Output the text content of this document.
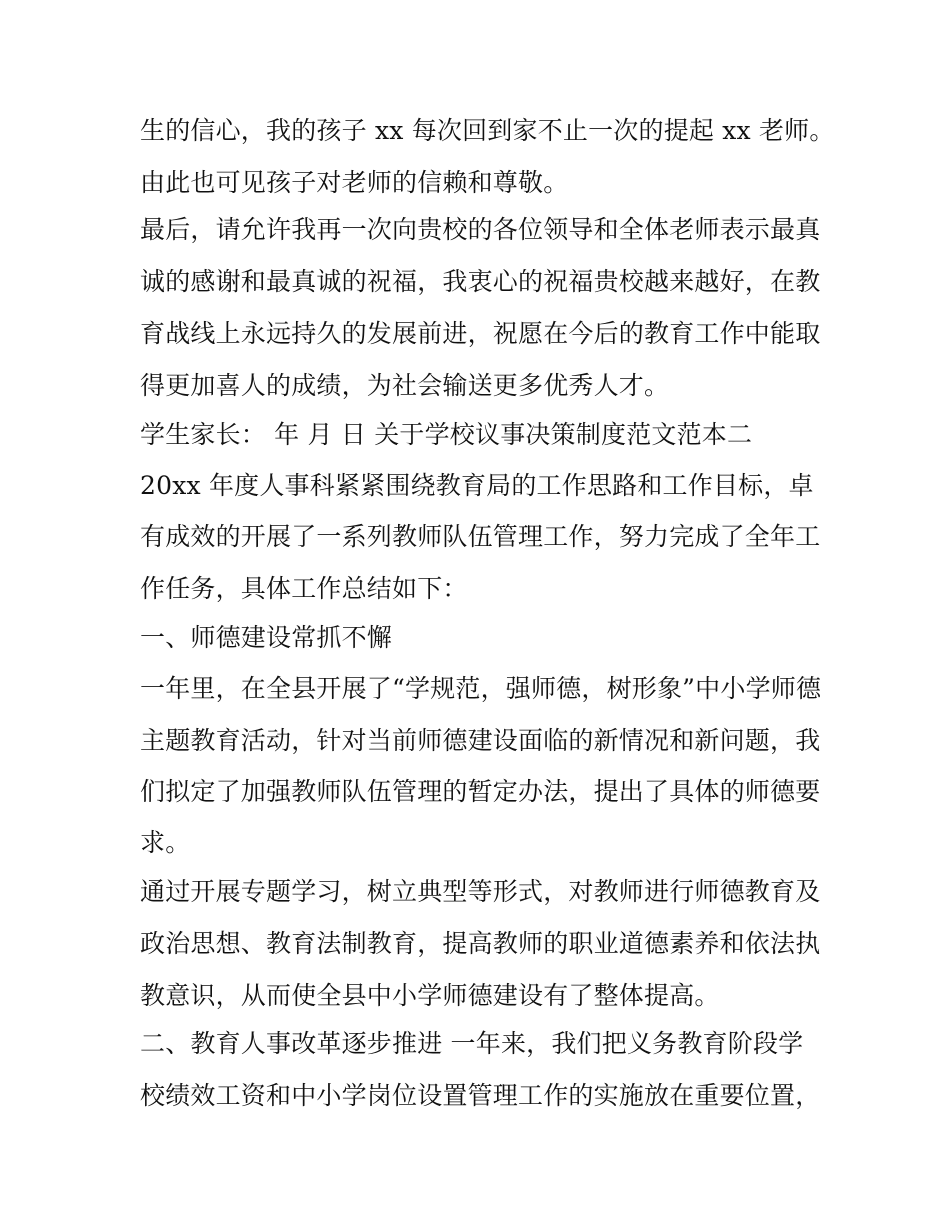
生的信心，我的孩子 xx 每次回到家不止一次的提起 xx 老师。
由此也可见孩子对老师的信赖和尊敬。
最后，请允许我再一次向贵校的各位领导和全体老师表示最真
诚的感谢和最真诚的祝福，我衷心的祝福贵校越来越好，在教
育战线上永远持久的发展前进，祝愿在今后的教育工作中能取
得更加喜人的成绩，为社会输送更多优秀人才。
学生家长： 年 月 日 关于学校议事决策制度范文范本二
20xx 年度人事科紧紧围绕教育局的工作思路和工作目标，卓
有成效的开展了一系列教师队伍管理工作，努力完成了全年工
作任务，具体工作总结如下：
一、师德建设常抓不懈
一年里，在全县开展了“学规范，强师德，树形象”中小学师德
主题教育活动，针对当前师德建设面临的新情况和新问题，我
们拟定了加强教师队伍管理的暂定办法，提出了具体的师德要
求。
通过开展专题学习，树立典型等形式，对教师进行师德教育及
政治思想、教育法制教育，提高教师的职业道德素养和依法执
教意识，从而使全县中小学师德建设有了整体提高。
二、教育人事改革逐步推进 一年来，我们把义务教育阶段学
校绩效工资和中小学岗位设置管理工作的实施放在重要位置，
